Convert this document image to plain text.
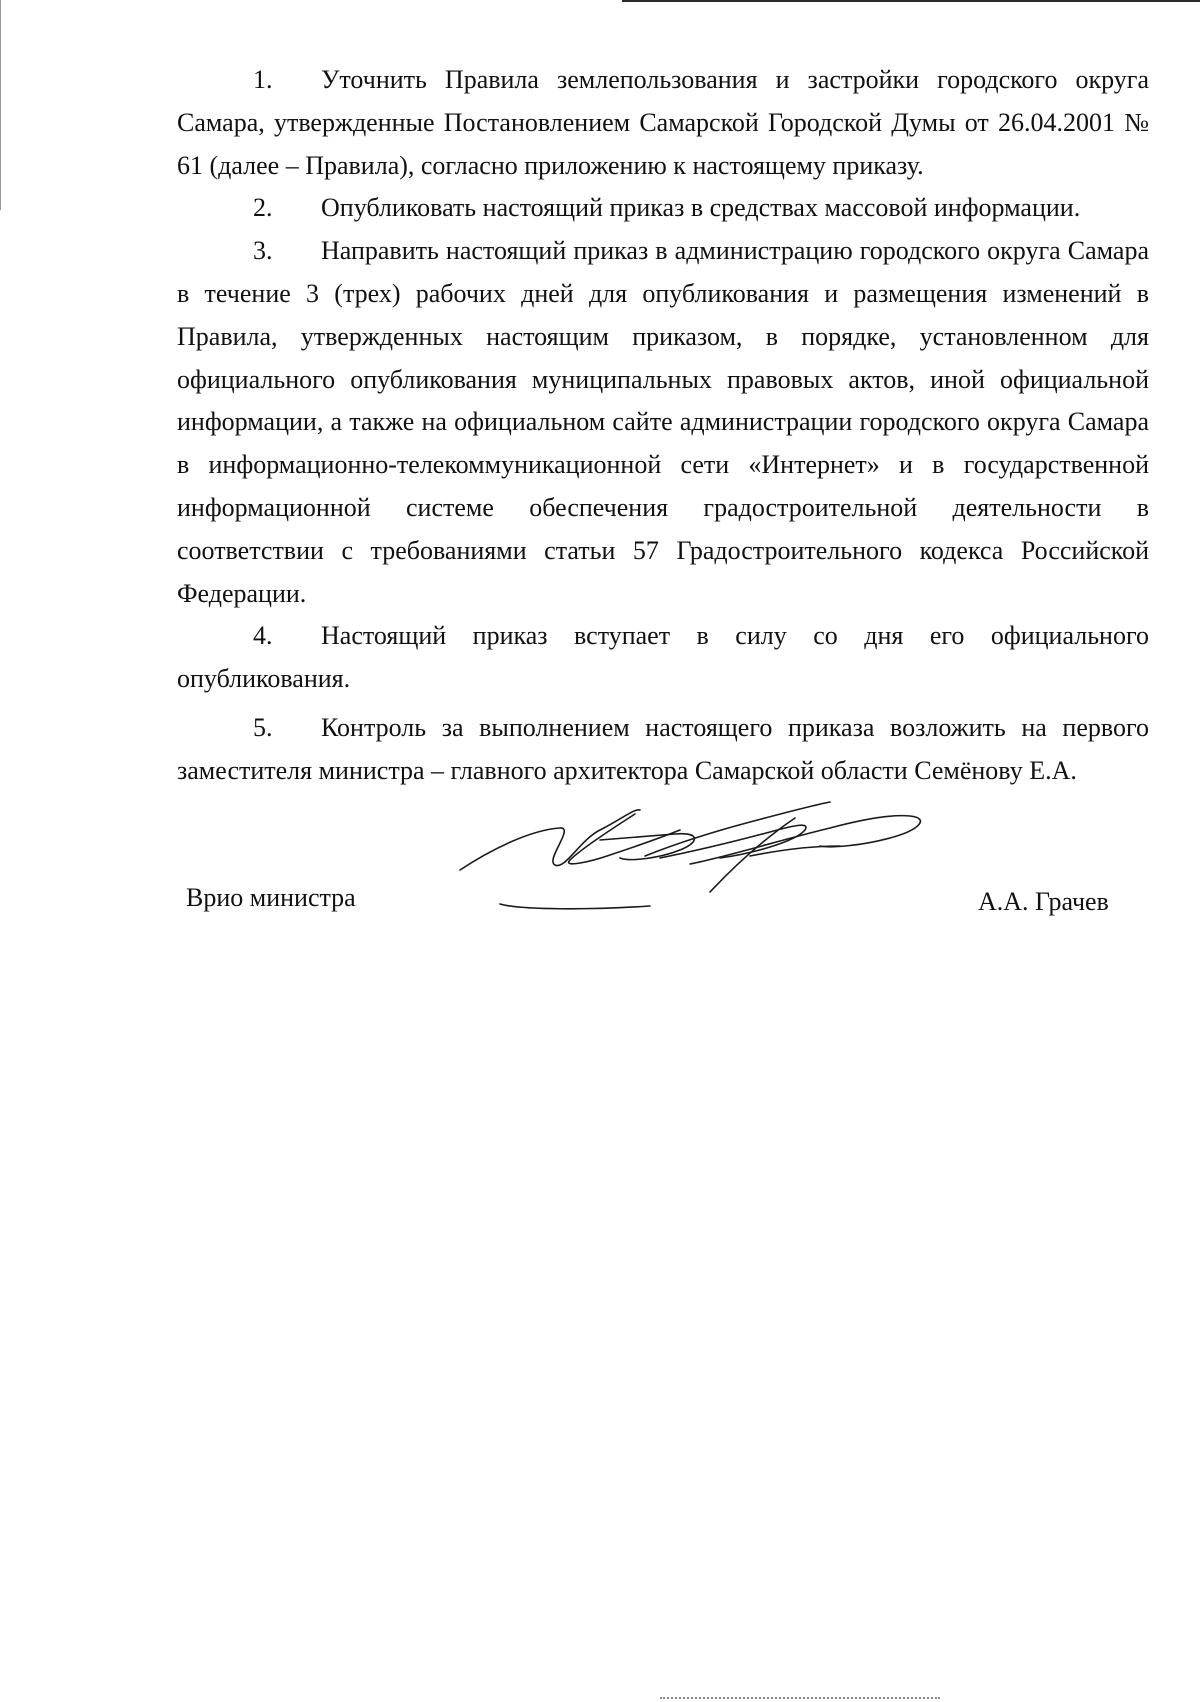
1. Уточнить Правила землепользования и застройки городского округа Самара, утвержденные Постановлением Самарской Городской Думы от 26.04.2001 № 61 (далее – Правила), согласно приложению к настоящему приказу.

2. Опубликовать настоящий приказ в средствах массовой информации.

3. Направить настоящий приказ в администрацию городского округа Самара в течение 3 (трех) рабочих дней для опубликования и размещения изменений в Правила, утвержденных настоящим приказом, в порядке, установленном для официального опубликования муниципальных правовых актов, иной официальной информации, а также на официальном сайте администрации городского округа Самара в информационно-телекоммуникационной сети «Интернет» и в государственной информационной системе обеспечения градостроительной деятельности в соответствии с требованиями статьи 57 Градостроительного кодекса Российской Федерации.

4. Настоящий приказ вступает в силу со дня его официального опубликования.

5. Контроль за выполнением настоящего приказа возложить на первого заместителя министра – главного архитектора Самарской области Семёнову Е.А.

Врио министра	А.А. Грачев
